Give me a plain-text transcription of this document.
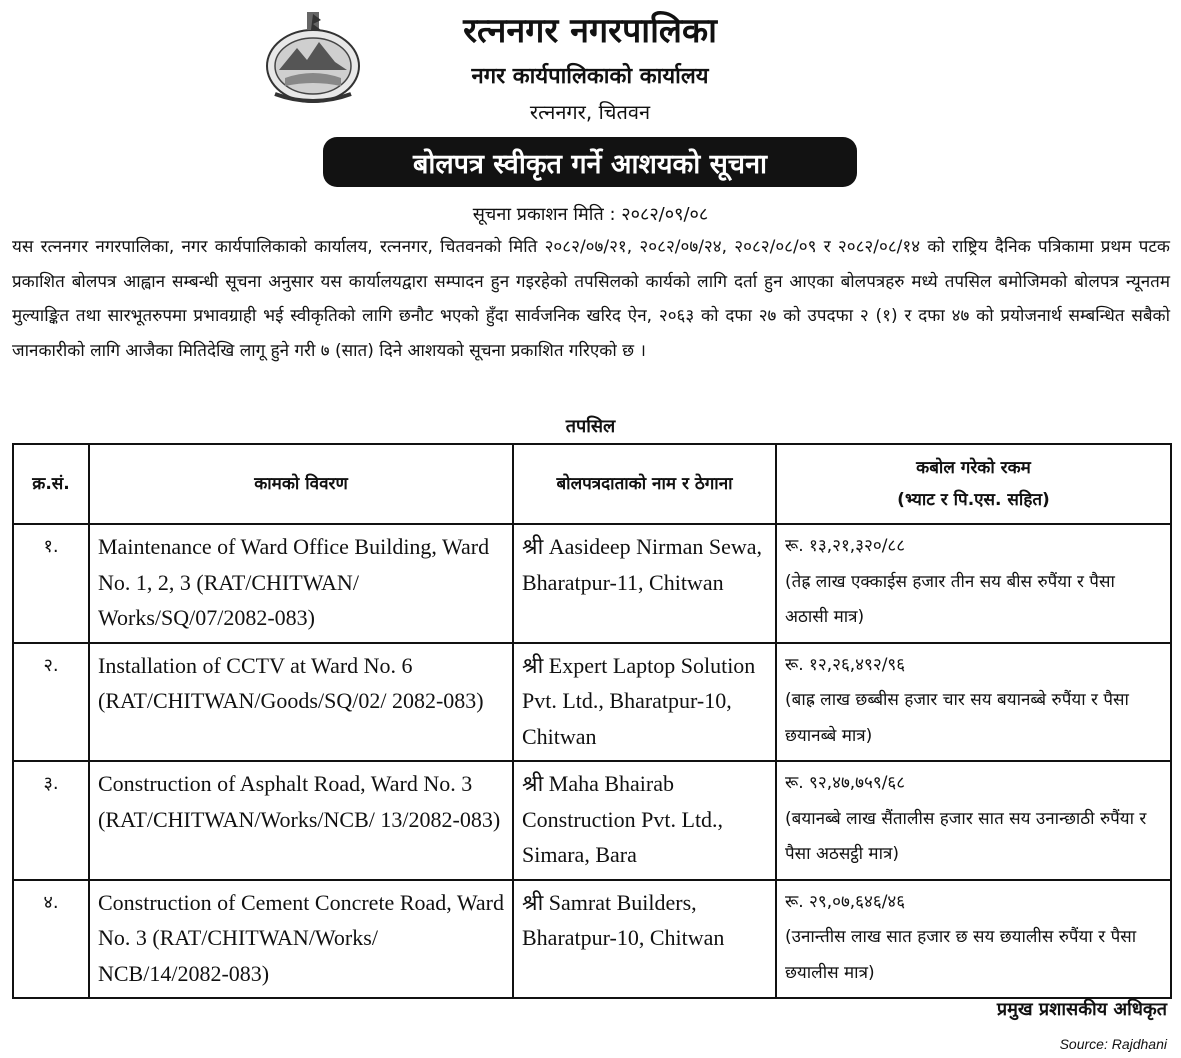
रत्ननगर नगरपालिका
नगर कार्यपालिकाको कार्यालय
रत्ननगर, चितवन
बोलपत्र स्वीकृत गर्ने आशयको सूचना
सूचना प्रकाशन मिति : २०८२/०९/०८
यस रत्ननगर नगरपालिका, नगर कार्यपालिकाको कार्यालय, रत्ननगर, चितवनको मिति २०८२/०७/२१, २०८२/०७/२४, २०८२/०८/०९ र २०८२/०८/१४ को राष्ट्रिय दैनिक पत्रिकामा प्रथम पटक प्रकाशित बोलपत्र आह्वान सम्बन्धी सूचना अनुसार यस कार्यालयद्वारा सम्पादन हुन गइरहेको तपसिलको कार्यको लागि दर्ता हुन आएका बोलपत्रहरु मध्ये तपसिल बमोजिमको बोलपत्र न्यूनतम मुल्याङ्कित तथा सारभूतरुपमा प्रभावग्राही भई स्वीकृतिको लागि छनौट भएको हुँदा सार्वजनिक खरिद ऐन, २०६३ को दफा २७ को उपदफा २ (१) र दफा ४७ को प्रयोजनार्थ सम्बन्धित सबैको जानकारीको लागि आजैका मितिदेखि लागू हुने गरी ७ (सात) दिने आशयको सूचना प्रकाशित गरिएको छ ।
तपसिल
क्र.सं.	कामको विवरण	बोलपत्रदाताको नाम र ठेगाना	कबोल गरेको रकम
(भ्याट र पि.एस. सहित)

१.	Maintenance of Ward Office Building, Ward No. 1, 2, 3 (RAT/CHITWAN/ Works/SQ/07/2082-083)	श्री Aasideep Nirman Sewa, Bharatpur-11, Chitwan	रू. १३,२१,३२०/८८
(तेह्र लाख एक्काईस हजार तीन सय बीस रुपैंया र पैसा अठासी मात्र)

२.	Installation of CCTV at Ward No. 6 (RAT/CHITWAN/Goods/SQ/02/ 2082-083)	श्री Expert Laptop Solution Pvt. Ltd., Bharatpur-10, Chitwan	रू. १२,२६,४९२/९६
(बाह्र लाख छब्बीस हजार चार सय बयानब्बे रुपैंया र पैसा छयानब्बे मात्र)

३.	Construction of Asphalt Road, Ward No. 3 (RAT/CHITWAN/Works/NCB/ 13/2082-083)	श्री Maha Bhairab Construction Pvt. Ltd., Simara, Bara	रू. ९२,४७,७५९/६८
(बयानब्बे लाख सैंतालीस हजार सात सय उनान्छाठी रुपैंया र पैसा अठसट्ठी मात्र)

४.	Construction of Cement Concrete Road, Ward No. 3 (RAT/CHITWAN/Works/ NCB/14/2082-083)	श्री Samrat Builders, Bharatpur-10, Chitwan	रू. २९,०७,६४६/४६
(उनान्तीस लाख सात हजार छ सय छयालीस रुपैंया र पैसा छयालीस मात्र)
प्रमुख प्रशासकीय अधिकृत
Source: Rajdhani
